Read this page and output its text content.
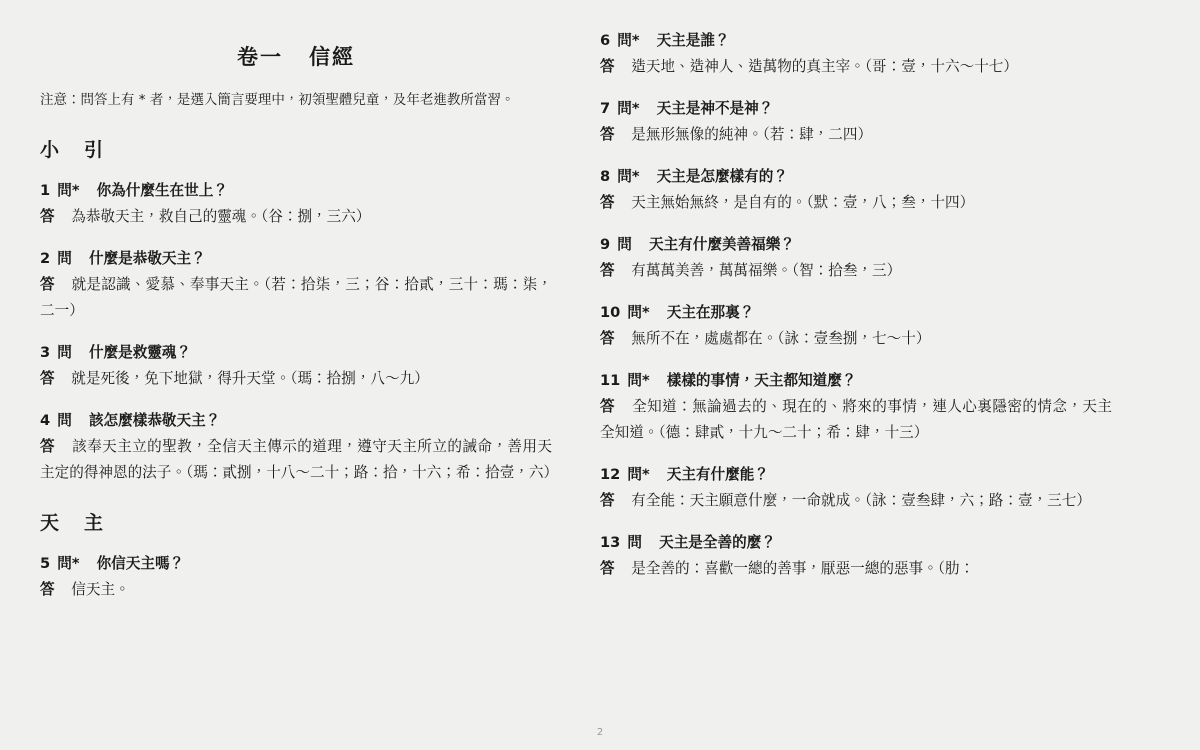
卷一 信經

注意：問答上有 * 者，是選入簡言要理中，初領聖體兒童，及年老進教所當習。

小　引

1 問* 你為什麼生在世上？

答 為恭敬天主，救自己的靈魂。（谷：捌，三六）

2 問 什麼是恭敬天主？

答 就是認識、愛慕、奉事天主。（若：拾柒，三；谷：拾貳，三十：瑪：柒，二一）

3 問 什麼是救靈魂？

答 就是死後，免下地獄，得升天堂。（瑪：拾捌，八～九）

4 問 該怎麼樣恭敬天主？

答 該奉天主立的聖教，全信天主傳示的道理，遵守天主所立的誡命，善用天主定的得神恩的法子。（瑪：貳捌，十八～二十；路：拾，十六；希：拾壹，六）

天　主

5 問* 你信天主嗎？

答 信天主。

6 問* 天主是誰？

答 造天地、造神人、造萬物的真主宰。（哥：壹，十六～十七）

7 問* 天主是神不是神？

答 是無形無像的純神。（若：肆，二四）

8 問* 天主是怎麼樣有的？

答 天主無始無終，是自有的。（默：壹，八；叁，十四）

9 問 天主有什麼美善福樂？

答 有萬萬美善，萬萬福樂。（智：拾叁，三）

10 問* 天主在那裏？

答 無所不在，處處都在。（詠：壹叁捌，七～十）

11 問* 樣樣的事情，天主都知道麼？

答 全知道：無論過去的、現在的、將來的事情，連人心裏隱密的情念，天主全知道。（德：肆貳，十九～二十；希：肆，十三）

12 問* 天主有什麼能？

答 有全能：天主願意什麼，一命就成。（詠：壹叁肆，六；路：壹，三七）

13 問 天主是全善的麼？

答 是全善的：喜歡一總的善事，厭惡一總的惡事。（肋：

2
